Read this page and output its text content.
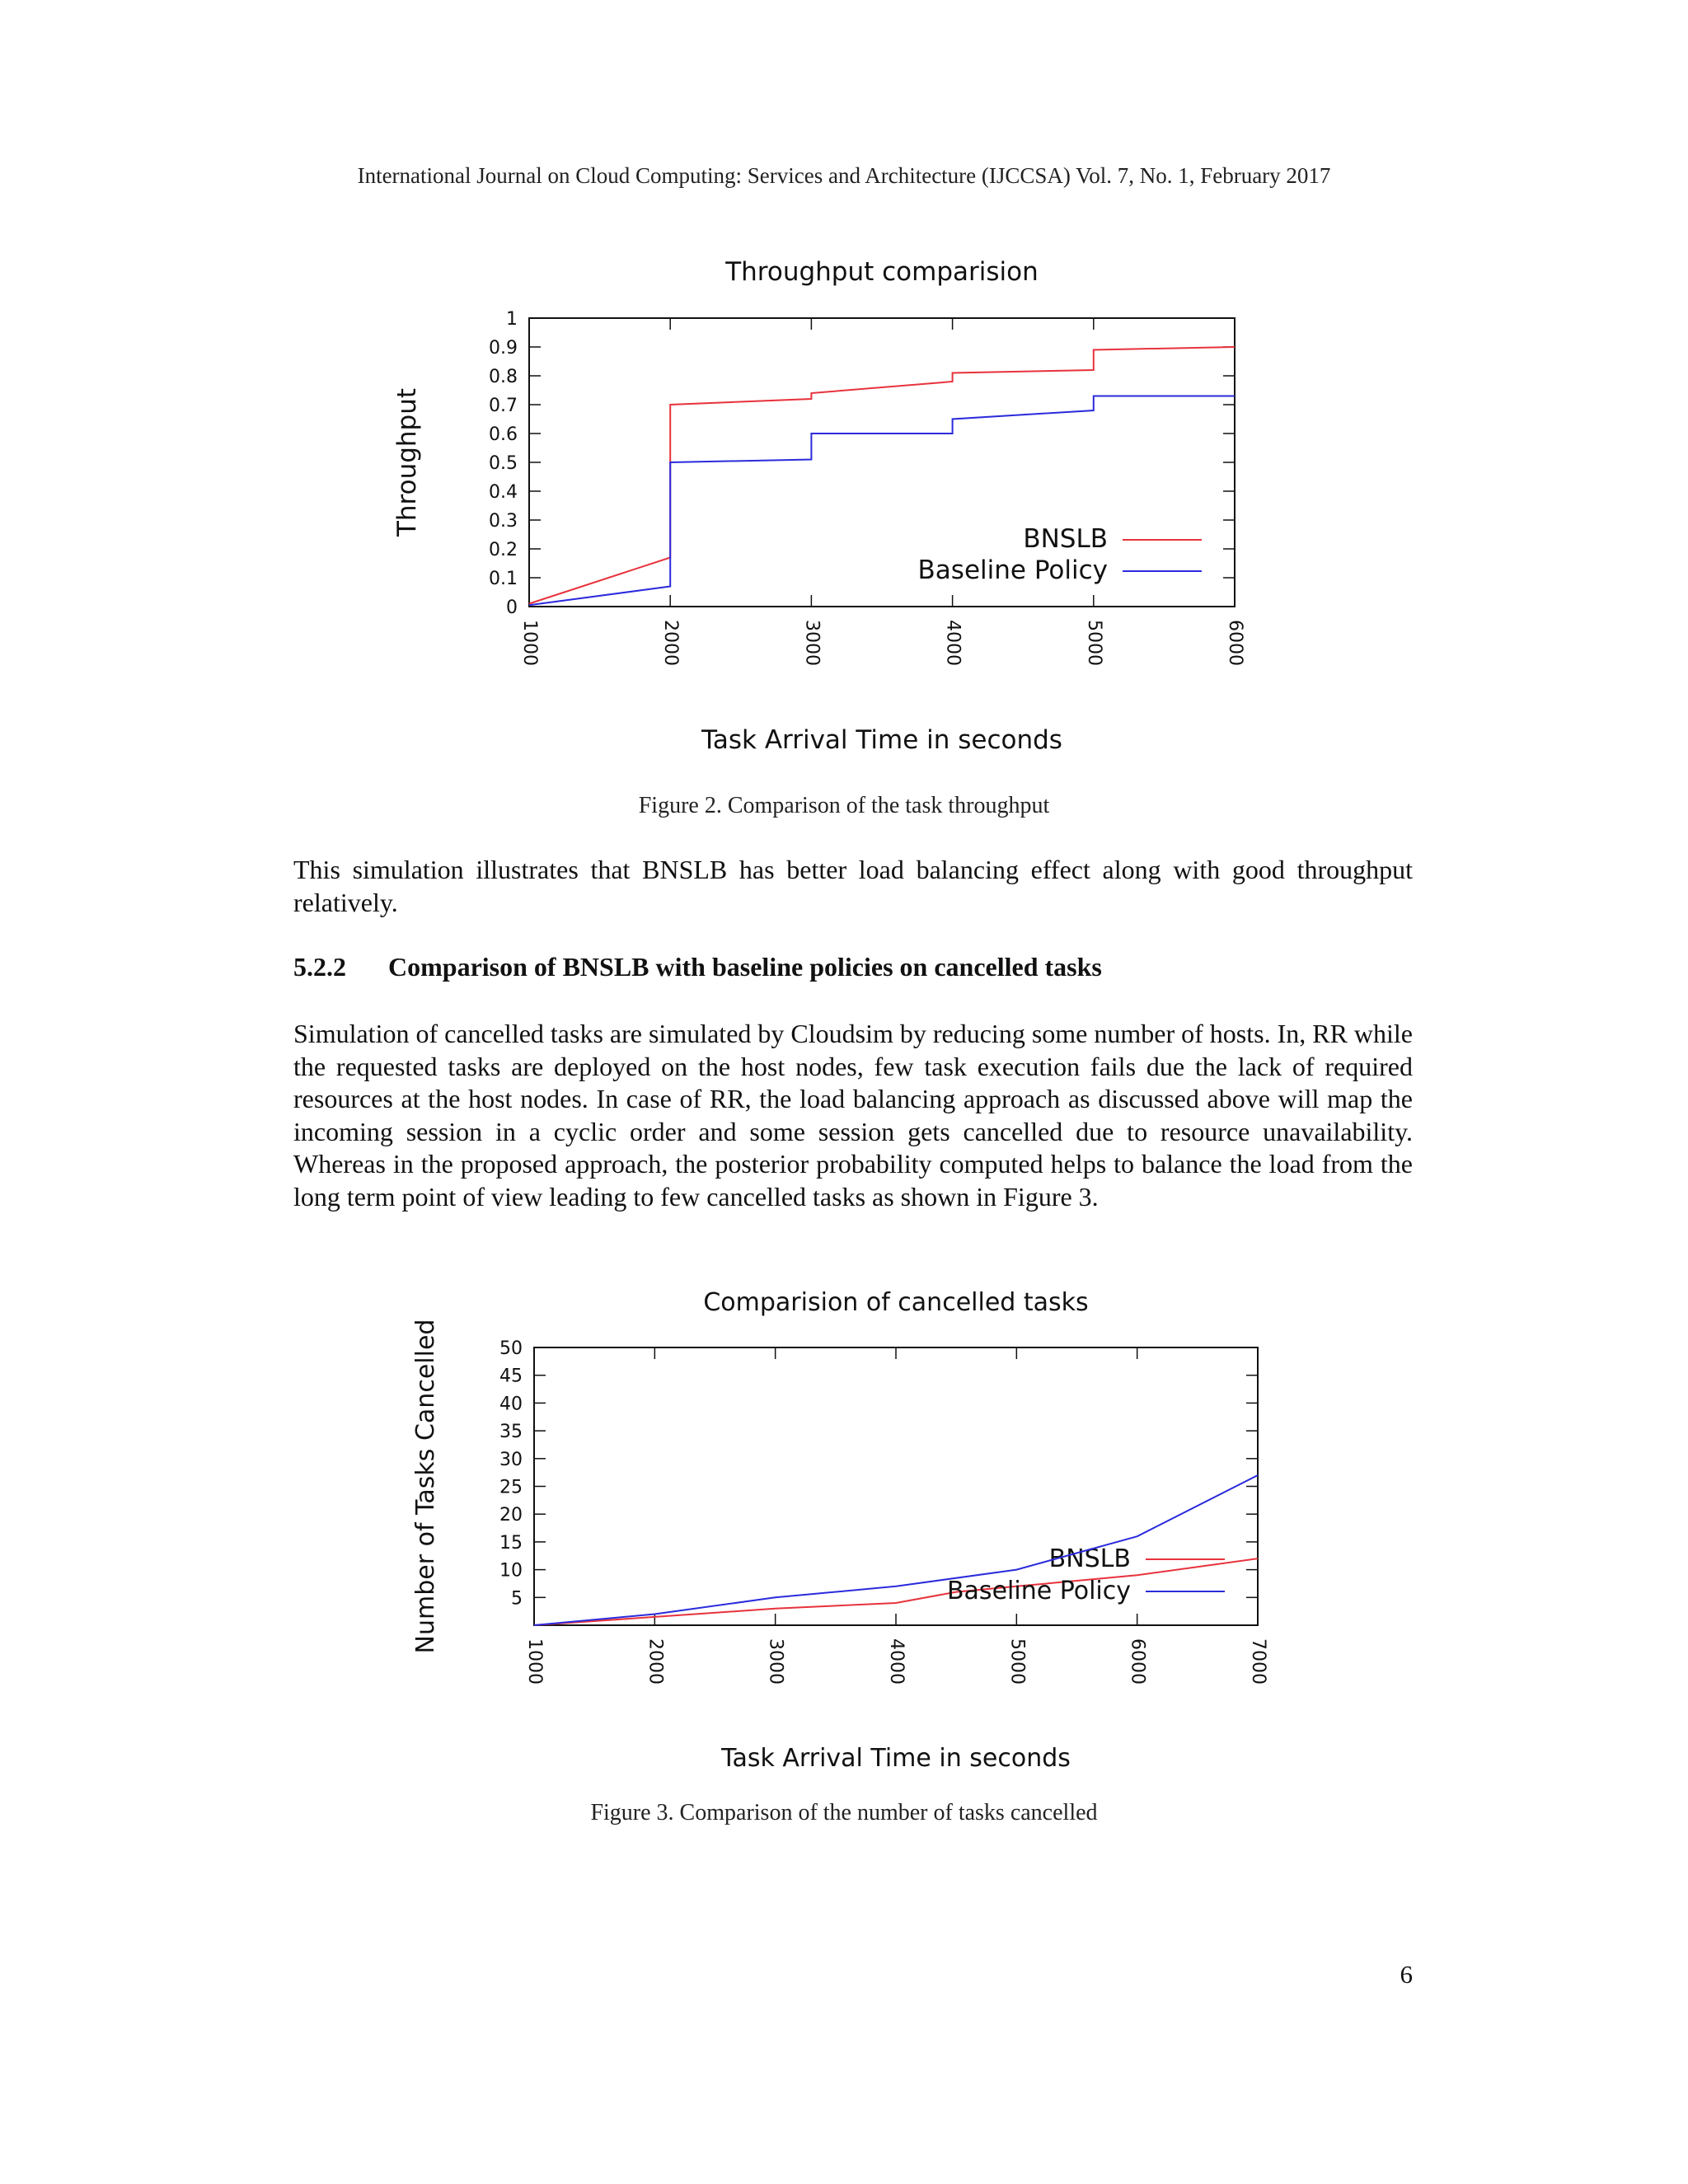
International Journal on Cloud Computing: Services and Architecture (IJCCSA) Vol. 7, No. 1, February 2017
Throughput comparision
0
0.1
0.2
0.3
0.4
0.5
0.6
0.7
0.8
0.9
1
1000	2000	3000	4000	5000	6000
Task Arrival Time in seconds
Throughput
BNSLB
Baseline Policy
Figure 2. Comparison of the task throughput
This simulation illustrates that BNSLB has better load balancing effect along with good throughput relatively.
5.2.2 Comparison of BNSLB with baseline policies on cancelled tasks
Simulation of cancelled tasks are simulated by Cloudsim by reducing some number of hosts. In, RR while the requested tasks are deployed on the host nodes, few task execution fails due the lack of required resources at the host nodes. In case of RR, the load balancing approach as discussed above will map the incoming session in a cyclic order and some session gets cancelled due to resource unavailability. Whereas in the proposed approach, the posterior probability computed helps to balance the load from the long term point of view leading to few cancelled tasks as shown in Figure 3.
Comparision of cancelled tasks
5
10
15
20
25
30
35
40
45
50
1000	2000	3000	4000	5000	6000	7000
Task Arrival Time in seconds
Number of Tasks Cancelled	BNSLB
Baseline Policy
Figure 3. Comparison of the number of tasks cancelled
6
